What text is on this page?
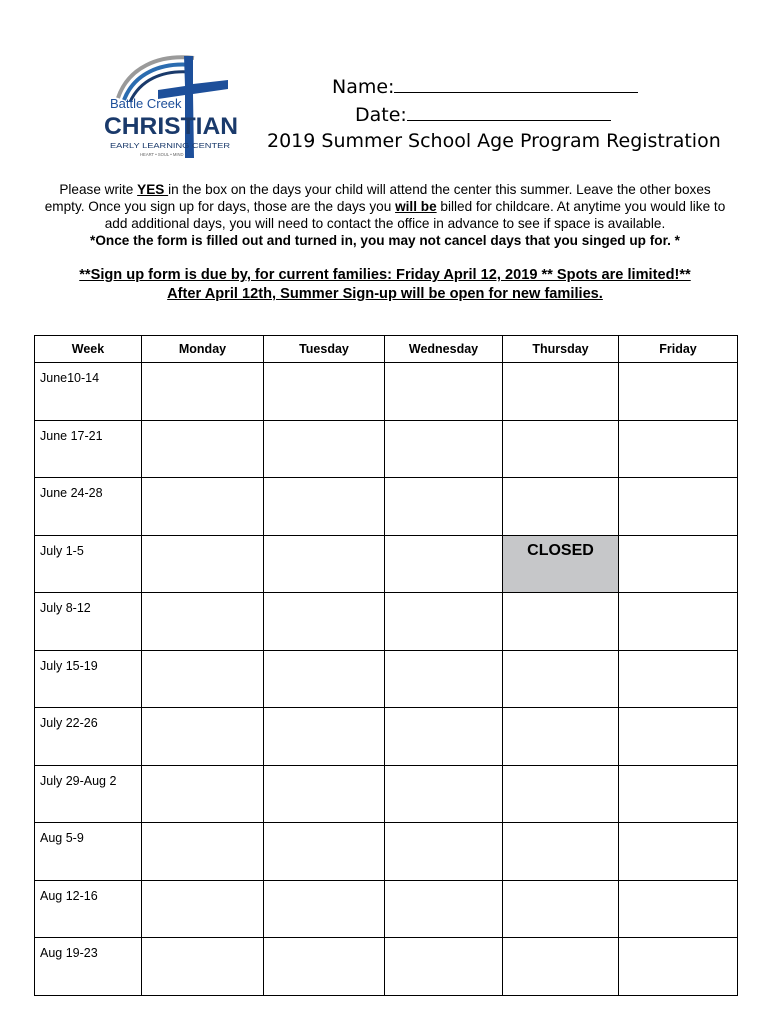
Battle Creek
CHRISTIAN
EARLY LEARNING CENTER
HEART • SOUL • MIND
Name:
Date:
2019 Summer School Age Program Registration
Please write YES in the box on the days your child will attend the center this summer. Leave the other boxes empty. Once you sign up for days, those are the days you will be billed for childcare. At anytime you would like to add additional days, you will need to contact the office in advance to see if space is available.
*Once the form is filled out and turned in, you may not cancel days that you singed up for. *
**Sign up form is due by, for current families: Friday April 12, 2019 ** Spots are limited!**
After April 12th, Summer Sign-up will be open for new families.
Week	Monday	Tuesday	Wednesday	Thursday	Friday
June10-14					
June 17-21					
June 24-28					
July 1-5				CLOSED	
July 8-12					
July 15-19					
July 22-26					
July 29-Aug 2					
Aug 5-9					
Aug 12-16					
Aug 19-23					
